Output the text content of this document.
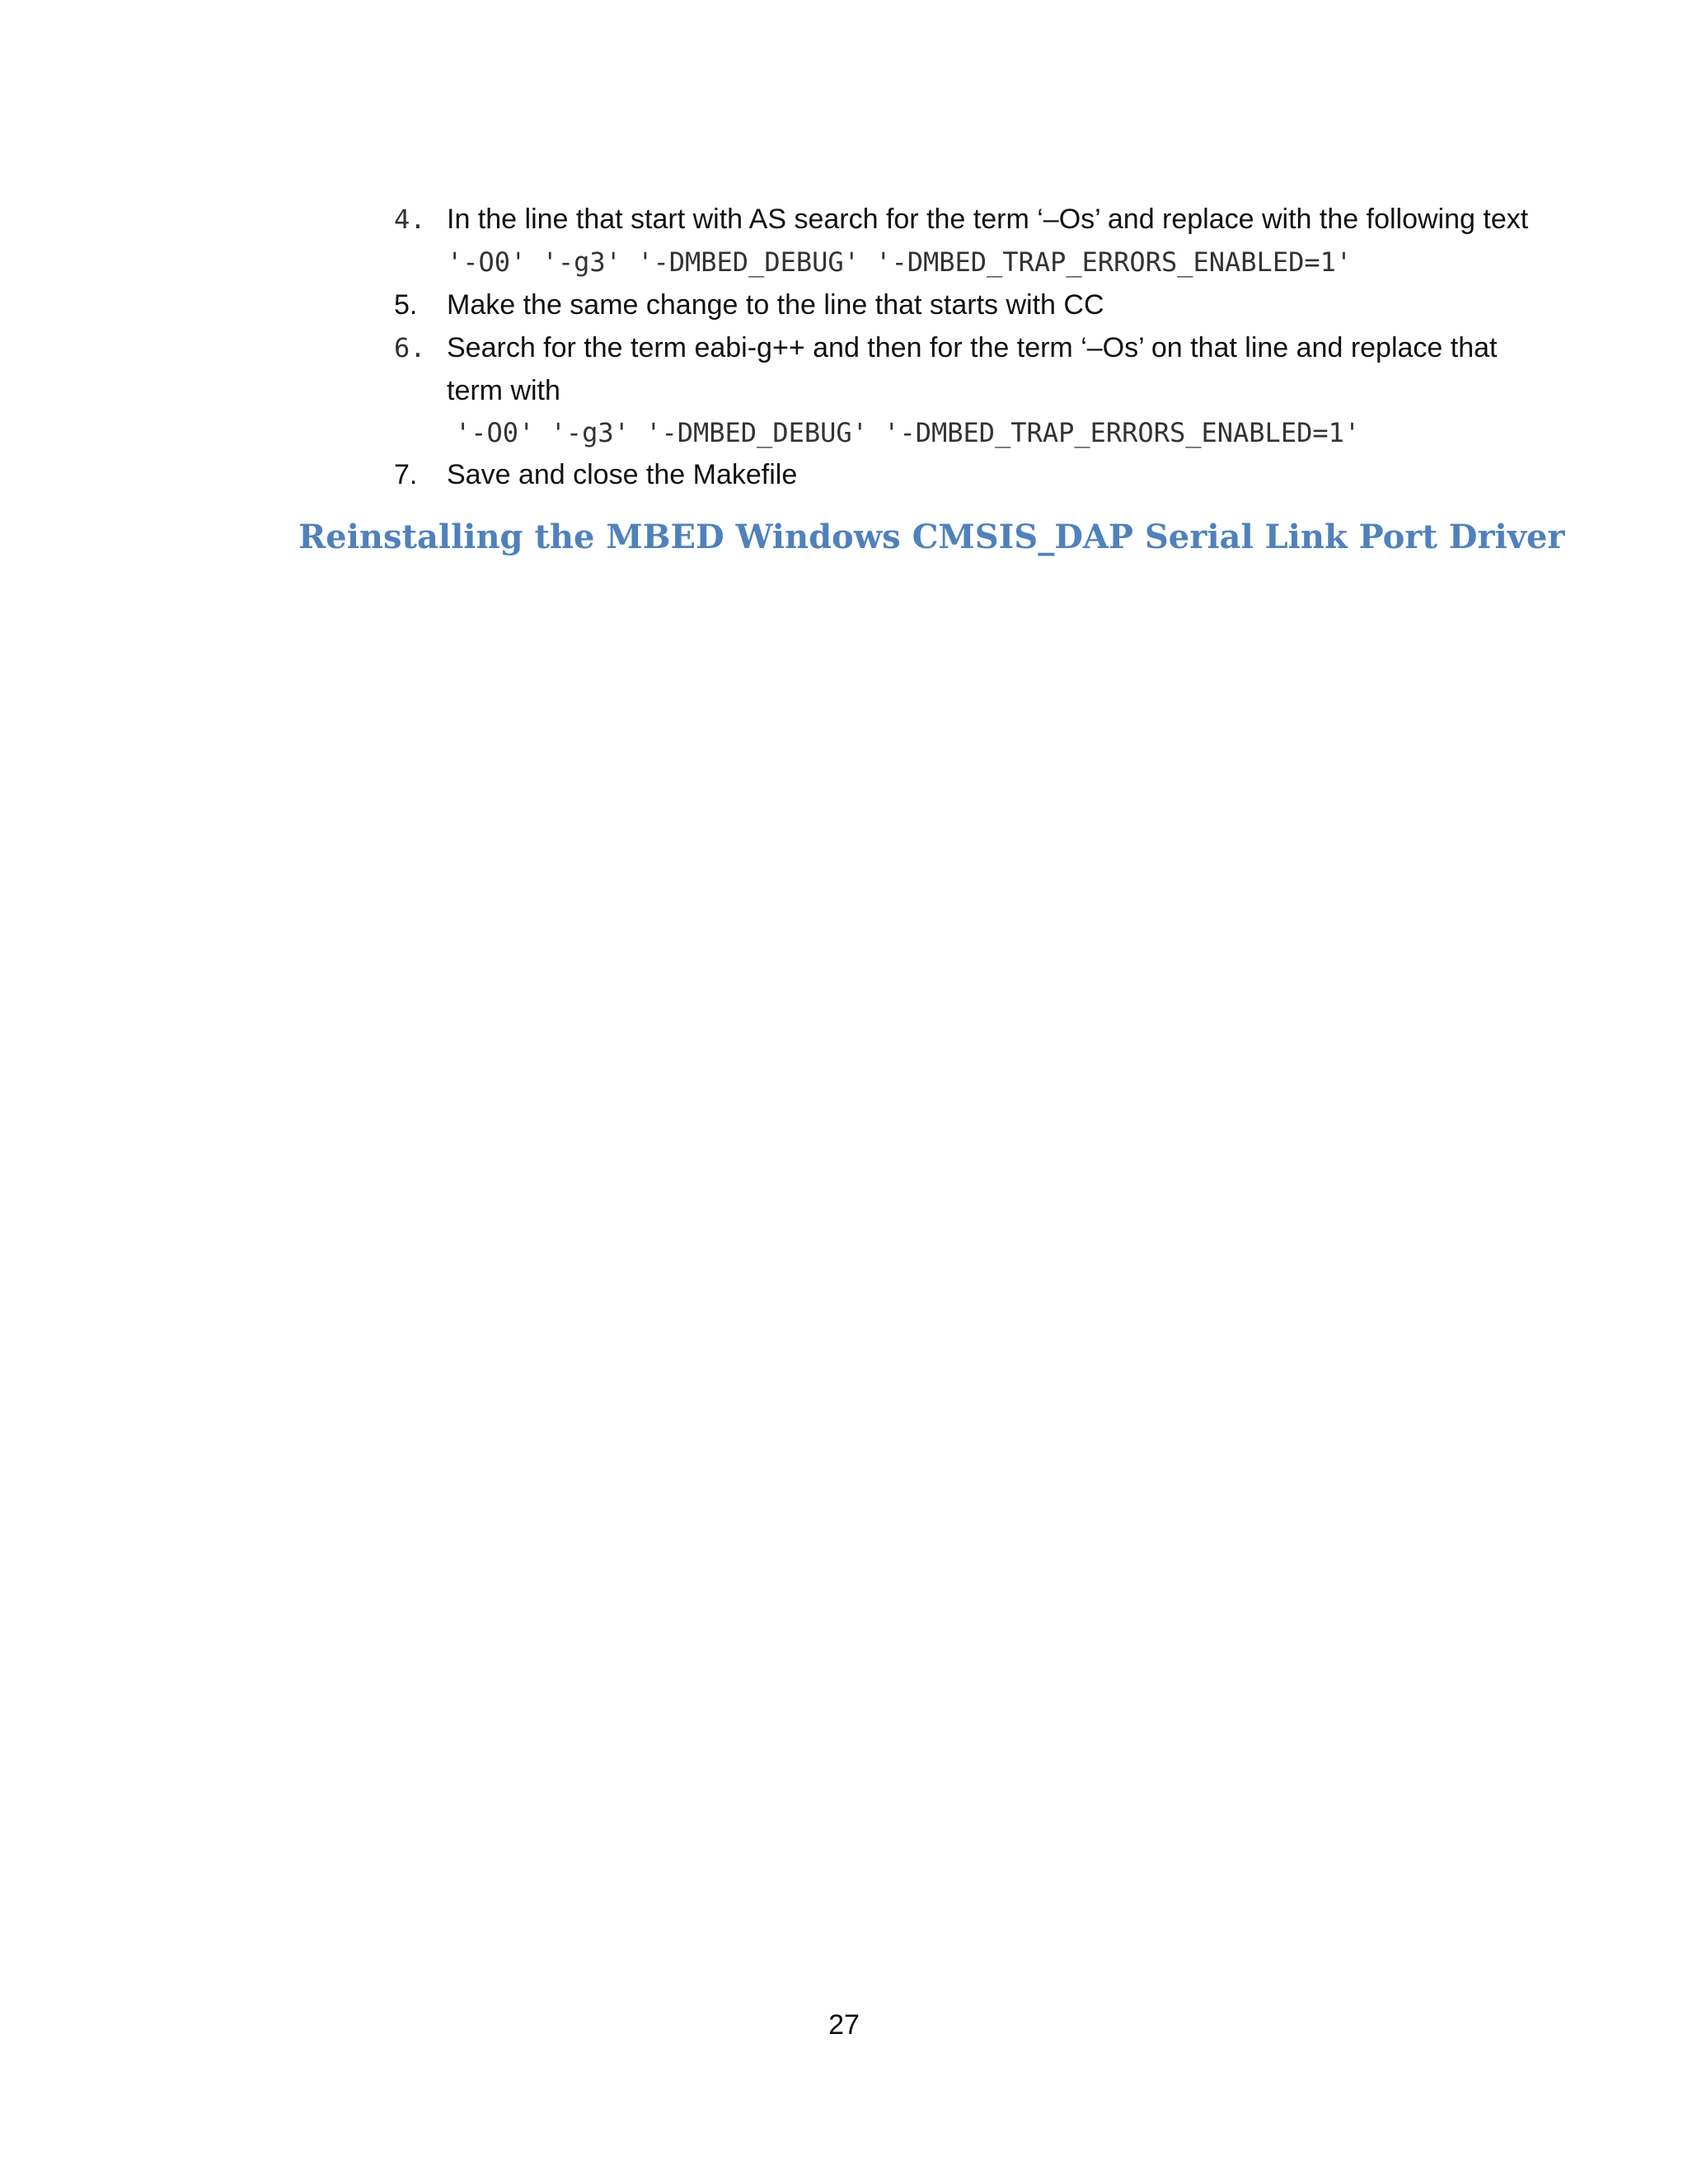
4. In the line that start with AS search for the term ‘–Os’ and replace with the following text '-O0' '-g3' '-DMBED_DEBUG' '-DMBED_TRAP_ERRORS_ENABLED=1'
5.	Make the same change to the line that starts with CC
6. Search for the term eabi-g++ and then for the term ‘–Os’ on that line and replace that term with
'-O0' '-g3' '-DMBED_DEBUG' '-DMBED_TRAP_ERRORS_ENABLED=1'
7.	Save and close the Makefile
Reinstalling the MBED Windows CMSIS_DAP Serial Link Port Driver
27
